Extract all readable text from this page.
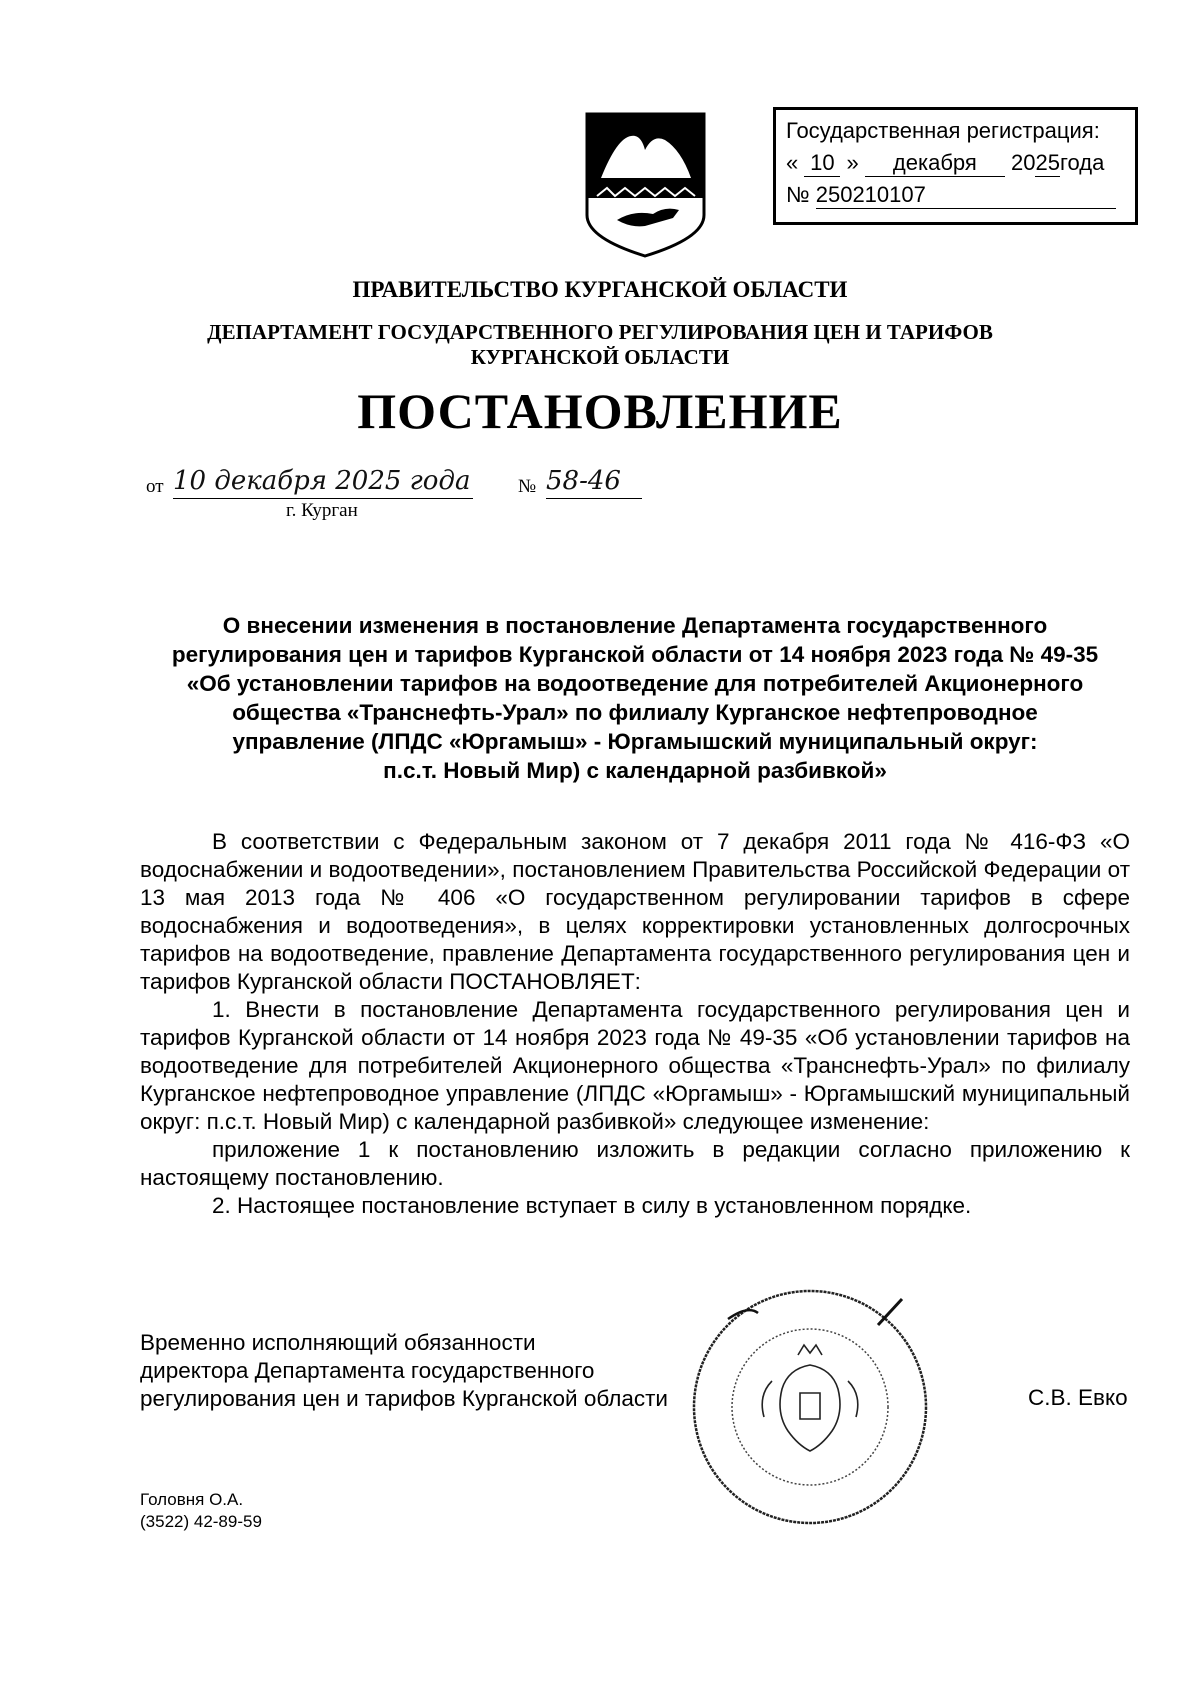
Государственная регистрация:
« 10 » декабря 2025года
№ 250210107
ПРАВИТЕЛЬСТВО КУРГАНСКОЙ ОБЛАСТИ
ДЕПАРТАМЕНТ ГОСУДАРСТВЕННОГО РЕГУЛИРОВАНИЯ ЦЕН И ТАРИФОВ
КУРГАНСКОЙ ОБЛАСТИ
ПОСТАНОВЛЕНИЕ
от 10 декабря 2025 года	№ 58-46
г. Курган
О внесении изменения в постановление Департамента государственного
регулирования цен и тарифов Курганской области от 14 ноября 2023 года № 49-35
«Об установлении тарифов на водоотведение для потребителей Акционерного
общества «Транснефть-Урал» по филиалу Курганское нефтепроводное
управление (ЛПДС «Юргамыш» - Юргамышский муниципальный округ:
п.с.т. Новый Мир) с календарной разбивкой»

В соответствии с Федеральным законом от 7 декабря 2011 года № 416-ФЗ «О водоснабжении и водоотведении», постановлением Правительства Российской Федерации от 13 мая 2013 года № 406 «О государственном регулировании тарифов в сфере водоснабжения и водоотведения», в целях корректировки установленных долгосрочных тарифов на водоотведение, правление Департамента государственного регулирования цен и тарифов Курганской области ПОСТАНОВЛЯЕТ:

1. Внести в постановление Департамента государственного регулирования цен и тарифов Курганской области от 14 ноября 2023 года № 49-35 «Об установлении тарифов на водоотведение для потребителей Акционерного общества «Транснефть-Урал» по филиалу Курганское нефтепроводное управление (ЛПДС «Юргамыш» - Юргамышский муниципальный округ: п.с.т. Новый Мир) с календарной разбивкой» следующее изменение:

приложение 1 к постановлению изложить в редакции согласно приложению к настоящему постановлению.

2. Настоящее постановление вступает в силу в установленном порядке.

Временно исполняющий обязанности
директора Департамента государственного
регулирования цен и тарифов Курганской области	С.В. Евко
Головня О.А.
(3522) 42-89-59
